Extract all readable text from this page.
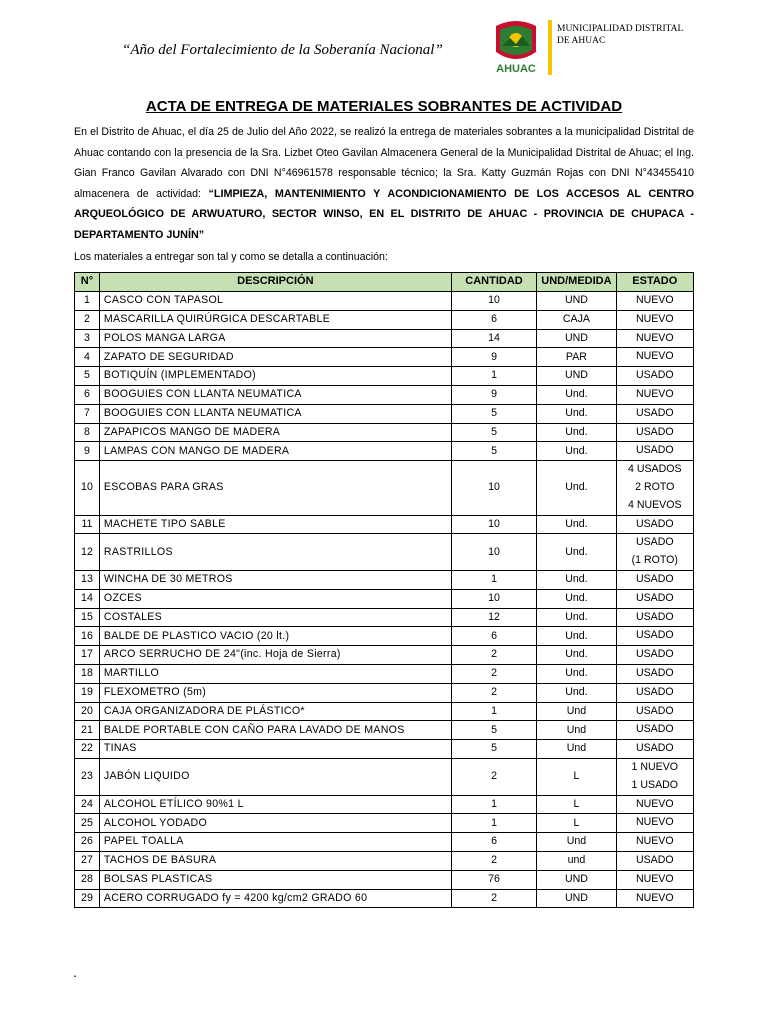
“Año del Fortalecimiento de la Soberanía Nacional”
AHUAC
MUNICIPALIDAD DISTRITAL DE AHUAC
ACTA DE ENTREGA DE MATERIALES SOBRANTES DE ACTIVIDAD
En el Distrito de Ahuac, el día 25 de Julio del Año 2022, se realizó la entrega de materiales sobrantes a la municipalidad Distrital de Ahuac contando con la presencia de la Sra. Lizbet Oteo Gavilan Almacenera General de la Municipalidad Distrital de Ahuac; el Ing. Gian Franco Gavilan Alvarado con DNI N°46961578 responsable técnico; la Sra. Katty Guzmán Rojas con DNI N°43455410 almacenera de actividad: “LIMPIEZA, MANTENIMIENTO Y ACONDICIONAMIENTO DE LOS ACCESOS AL CENTRO ARQUEOLÓGICO DE ARWUATURO, SECTOR WINSO, EN EL DISTRITO DE AHUAC - PROVINCIA DE CHUPACA - DEPARTAMENTO JUNÍN”
Los materiales a entregar son tal y como se detalla a continuación:
N°	DESCRIPCIÓN	CANTIDAD	UND/MEDIDA	ESTADO
1	CASCO CON TAPASOL	10	UND	NUEVO

2	MASCARILLA QUIRÚRGICA DESCARTABLE	6	CAJA	NUEVO

3	POLOS MANGA LARGA	14	UND	NUEVO

4	ZAPATO DE SEGURIDAD	9	PAR	NUEVO

5	BOTIQUÍN (IMPLEMENTADO)	1	UND	USADO

6	BOOGUIES CON LLANTA NEUMATICA	9	Und.	NUEVO

7	BOOGUIES CON LLANTA NEUMATICA	5	Und.	USADO

8	ZAPAPICOS MANGO DE MADERA	5	Und.	USADO

9	LAMPAS CON MANGO DE MADERA	5	Und.	USADO

10	ESCOBAS PARA GRAS	10	Und.	4 USADOS
2 ROTO
4 NUEVOS

11	MACHETE TIPO SABLE	10	Und.	USADO

12	RASTRILLOS	10	Und.	USADO
(1 ROTO)

13	WINCHA DE 30 METROS	1	Und.	USADO

14	OZCES	10	Und.	USADO

15	COSTALES	12	Und.	USADO

16	BALDE DE PLASTICO VACIO (20 lt.)	6	Und.	USADO

17	ARCO SERRUCHO DE 24"(inc. Hoja de Sierra)	2	Und.	USADO

18	MARTILLO	2	Und.	USADO

19	FLEXOMETRO (5m)	2	Und.	USADO

20	CAJA ORGANIZADORA DE PLÁSTICO*	1	Und	USADO

21	BALDE PORTABLE CON CAÑO PARA LAVADO DE MANOS	5	Und	USADO

22	TINAS	5	Und	USADO

23	JABÓN LIQUIDO	2	L	1 NUEVO
1 USADO

24	ALCOHOL ETÍLICO 90%1 L	1	L	NUEVO

25	ALCOHOL YODADO	1	L	NUEVO

26	PAPEL TOALLA	6	Und	NUEVO

27	TACHOS DE BASURA	2	und	USADO

28	BOLSAS PLASTICAS	76	UND	NUEVO

29	ACERO CORRUGADO fy = 4200 kg/cm2 GRADO 60	2	UND	NUEVO
.
